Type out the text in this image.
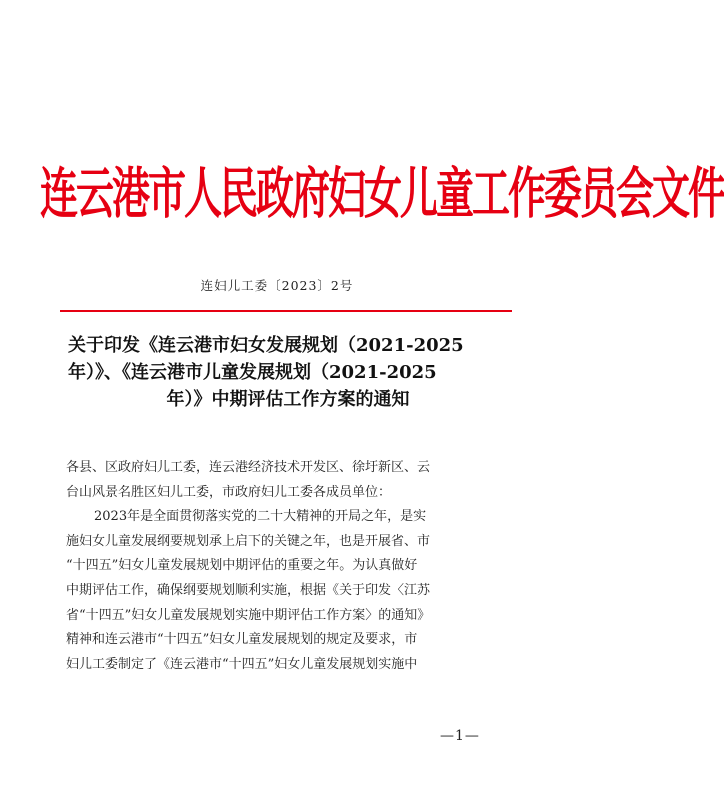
连云港市人民政府妇女儿童工作委员会文件
连妇儿工委〔2023〕2号
关于印发《连云港市妇女发展规划（2021-2025
年）》、《连云港市儿童发展规划（2021-2025
年）》中期评估工作方案的通知

各县、区政府妇儿工委，连云港经济技术开发区、徐圩新区、云
台山风景名胜区妇儿工委，市政府妇儿工委各成员单位：

2023年是全面贯彻落实党的二十大精神的开局之年，是实
施妇女儿童发展纲要规划承上启下的关键之年，也是开展省、市
“十四五”妇女儿童发展规划中期评估的重要之年。为认真做好
中期评估工作，确保纲要规划顺利实施，根据《关于印发〈江苏
省“十四五”妇女儿童发展规划实施中期评估工作方案〉的通知》
精神和连云港市“十四五”妇女儿童发展规划的规定及要求，市
妇儿工委制定了《连云港市“十四五”妇女儿童发展规划实施中

—1—
